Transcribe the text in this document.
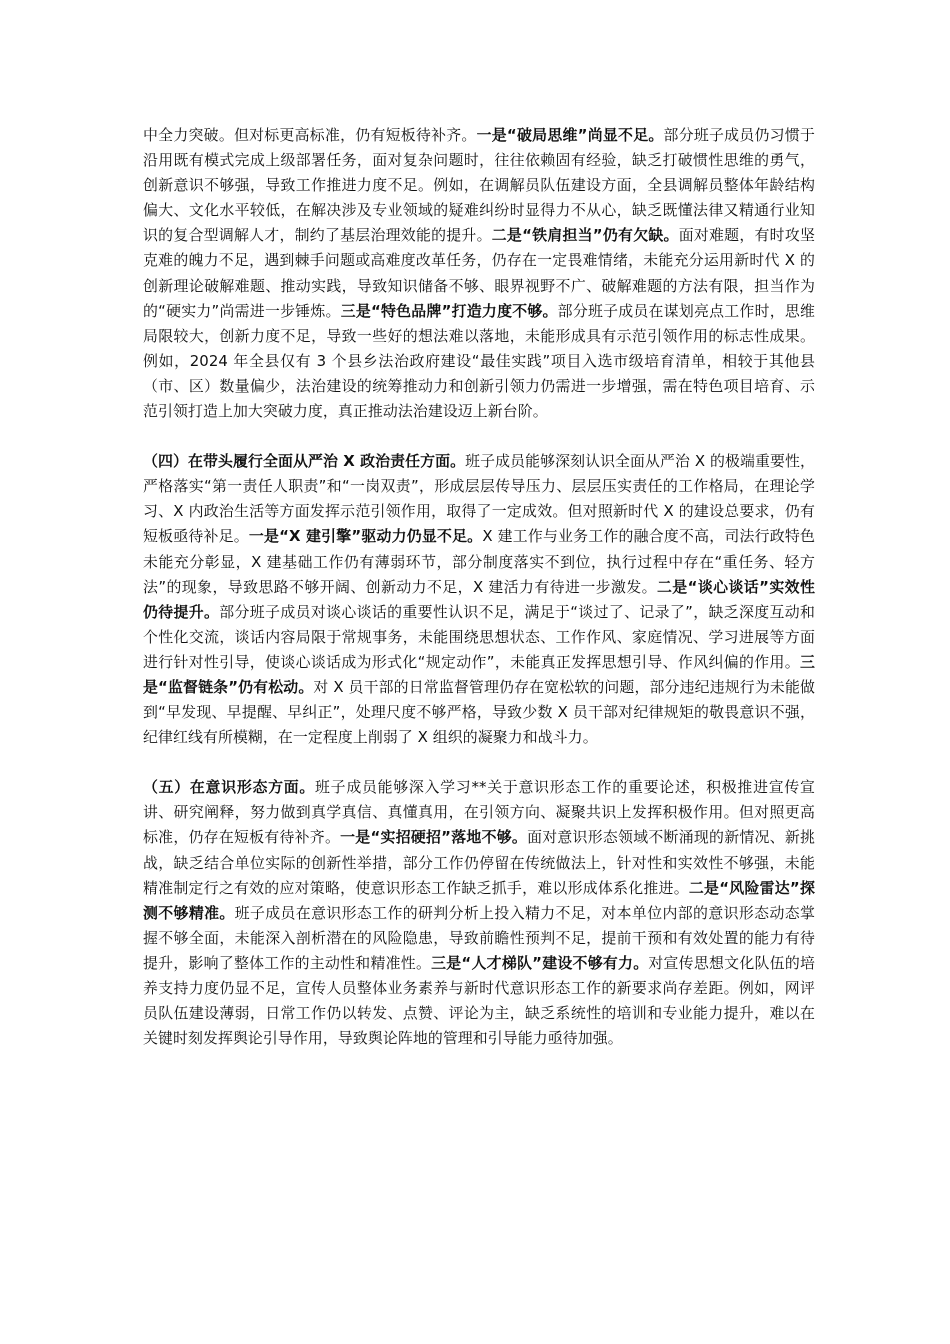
中全力突破。但对标更高标准，仍有短板待补齐。一是“破局思维”尚显不足。部分班子成员仍习惯于沿用既有模式完成上级部署任务，面对复杂问题时，往往依赖固有经验，缺乏打破惯性思维的勇气，创新意识不够强，导致工作推进力度不足。例如，在调解员队伍建设方面，全县调解员整体年龄结构偏大、文化水平较低，在解决涉及专业领域的疑难纠纷时显得力不从心，缺乏既懂法律又精通行业知识的复合型调解人才，制约了基层治理效能的提升。二是“铁肩担当”仍有欠缺。面对难题，有时攻坚克难的魄力不足，遇到棘手问题或高难度改革任务，仍存在一定畏难情绪，未能充分运用新时代 X 的创新理论破解难题、推动实践，导致知识储备不够、眼界视野不广、破解难题的方法有限，担当作为的“硬实力”尚需进一步锤炼。三是“特色品牌”打造力度不够。部分班子成员在谋划亮点工作时，思维局限较大，创新力度不足，导致一些好的想法难以落地，未能形成具有示范引领作用的标志性成果。例如，2024 年全县仅有 3 个县乡法治政府建设“最佳实践”项目入选市级培育清单，相较于其他县（市、区）数量偏少，法治建设的统筹推动力和创新引领力仍需进一步增强，需在特色项目培育、示范引领打造上加大突破力度，真正推动法治建设迈上新台阶。

（四）在带头履行全面从严治 X 政治责任方面。班子成员能够深刻认识全面从严治 X 的极端重要性，严格落实“第一责任人职责”和“一岗双责”，形成层层传导压力、层层压实责任的工作格局，在理论学习、X 内政治生活等方面发挥示范引领作用，取得了一定成效。但对照新时代 X 的建设总要求，仍有短板亟待补足。一是“X 建引擎”驱动力仍显不足。X 建工作与业务工作的融合度不高，司法行政特色未能充分彰显，X 建基础工作仍有薄弱环节，部分制度落实不到位，执行过程中存在“重任务、轻方法”的现象，导致思路不够开阔、创新动力不足，X 建活力有待进一步激发。二是“谈心谈话”实效性仍待提升。部分班子成员对谈心谈话的重要性认识不足，满足于“谈过了、记录了”，缺乏深度互动和个性化交流，谈话内容局限于常规事务，未能围绕思想状态、工作作风、家庭情况、学习进展等方面进行针对性引导，使谈心谈话成为形式化“规定动作”，未能真正发挥思想引导、作风纠偏的作用。三是“监督链条”仍有松动。对 X 员干部的日常监督管理仍存在宽松软的问题，部分违纪违规行为未能做到“早发现、早提醒、早纠正”，处理尺度不够严格，导致少数 X 员干部对纪律规矩的敬畏意识不强，纪律红线有所模糊，在一定程度上削弱了 X 组织的凝聚力和战斗力。

（五）在意识形态方面。班子成员能够深入学习**关于意识形态工作的重要论述，积极推进宣传宣讲、研究阐释，努力做到真学真信、真懂真用，在引领方向、凝聚共识上发挥积极作用。但对照更高标准，仍存在短板有待补齐。一是“实招硬招”落地不够。面对意识形态领域不断涌现的新情况、新挑战，缺乏结合单位实际的创新性举措，部分工作仍停留在传统做法上，针对性和实效性不够强，未能精准制定行之有效的应对策略，使意识形态工作缺乏抓手，难以形成体系化推进。二是“风险雷达”探测不够精准。班子成员在意识形态工作的研判分析上投入精力不足，对本单位内部的意识形态动态掌握不够全面，未能深入剖析潜在的风险隐患，导致前瞻性预判不足，提前干预和有效处置的能力有待提升，影响了整体工作的主动性和精准性。三是“人才梯队”建设不够有力。对宣传思想文化队伍的培养支持力度仍显不足，宣传人员整体业务素养与新时代意识形态工作的新要求尚存差距。例如，网评员队伍建设薄弱，日常工作仍以转发、点赞、评论为主，缺乏系统性的培训和专业能力提升，难以在关键时刻发挥舆论引导作用，导致舆论阵地的管理和引导能力亟待加强。
